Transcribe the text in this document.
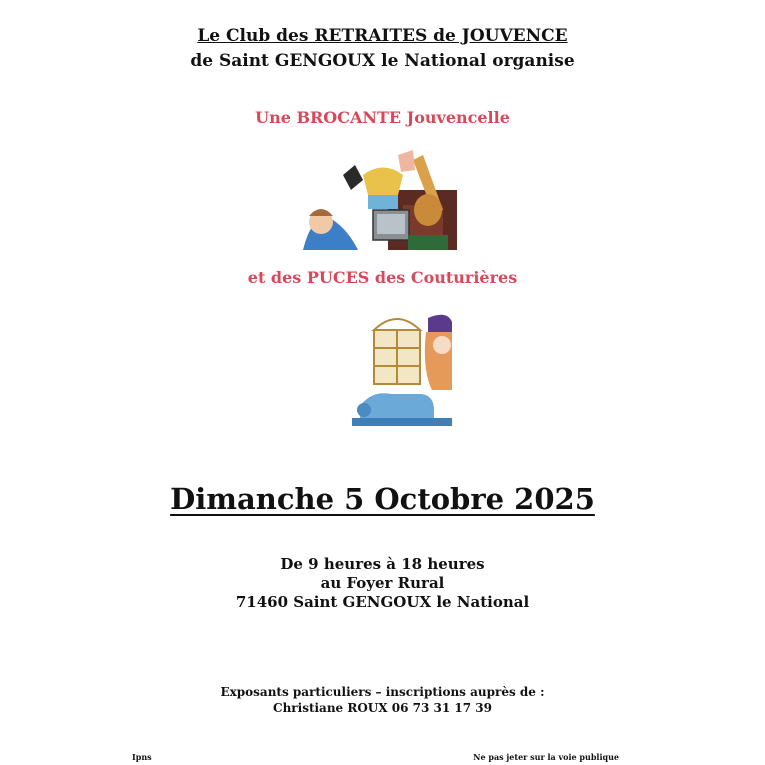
Le Club des RETRAITES de JOUVENCE
de Saint GENGOUX le National organise
Une BROCANTE Jouvencelle
et des PUCES des Couturières
Dimanche 5 Octobre 2025
De 9 heures à 18 heures
au Foyer Rural
71460 Saint GENGOUX le National
Exposants particuliers – inscriptions auprès de :
Christiane ROUX 06 73 31 17 39
Ipns	Ne pas jeter sur la voie publique
